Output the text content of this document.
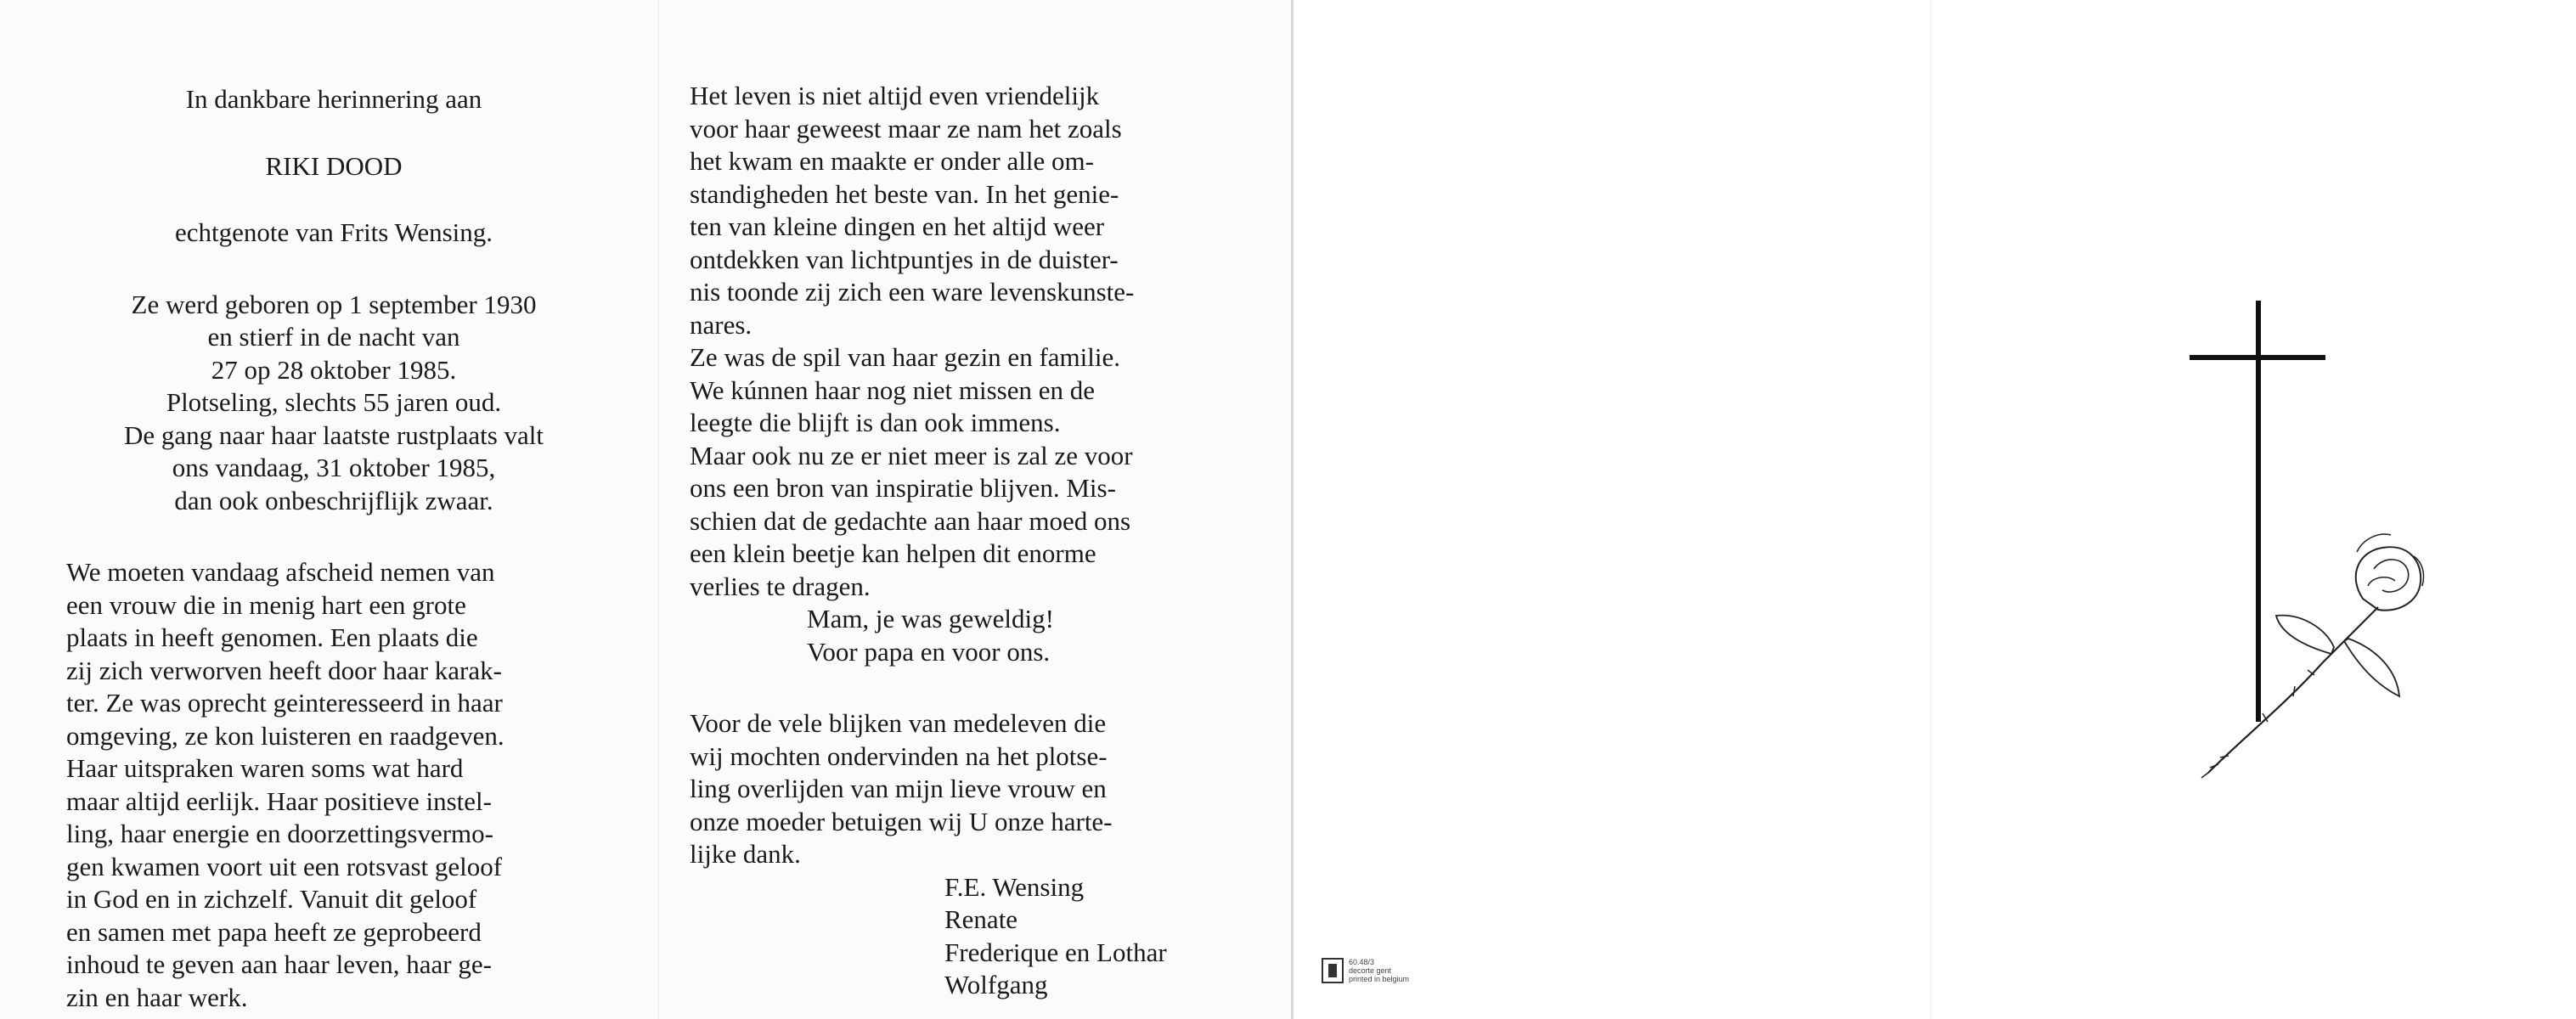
In dankbare herinnering aan

RIKI DOOD

echtgenote van Frits Wensing.

Ze werd geboren op 1 september 1930

en stierf in de nacht van

27 op 28 oktober 1985.

Plotseling, slechts 55 jaren oud.

De gang naar haar laatste rustplaats valt

ons vandaag, 31 oktober 1985,

dan ook onbeschrijflijk zwaar.

We moeten vandaag afscheid nemen van

een vrouw die in menig hart een grote

plaats in heeft genomen. Een plaats die

zij zich verworven heeft door haar karak-

ter. Ze was oprecht geinteresseerd in haar

omgeving, ze kon luisteren en raadgeven.

Haar uitspraken waren soms wat hard

maar altijd eerlijk. Haar positieve instel-

ling, haar energie en doorzettingsvermo-

gen kwamen voort uit een rotsvast geloof

in God en in zichzelf. Vanuit dit geloof

en samen met papa heeft ze geprobeerd

inhoud te geven aan haar leven, haar ge-

zin en haar werk.

Het leven is niet altijd even vriendelijk

voor haar geweest maar ze nam het zoals

het kwam en maakte er onder alle om-

standigheden het beste van. In het genie-

ten van kleine dingen en het altijd weer

ontdekken van lichtpuntjes in de duister-

nis toonde zij zich een ware levenskunste-

nares.

Ze was de spil van haar gezin en familie.

We kúnnen haar nog niet missen en de

leegte die blijft is dan ook immens.

Maar ook nu ze er niet meer is zal ze voor

ons een bron van inspiratie blijven. Mis-

schien dat de gedachte aan haar moed ons

een klein beetje kan helpen dit enorme

verlies te dragen.

Mam, je was geweldig!

Voor papa en voor ons.

Voor de vele blijken van medeleven die

wij mochten ondervinden na het plotse-

ling overlijden van mijn lieve vrouw en

onze moeder betuigen wij U onze harte-

lijke dank.

F.E. Wensing

Renate

Frederique en Lothar

Wolfgang

60.48/3
decorte gent
printed in belgium
